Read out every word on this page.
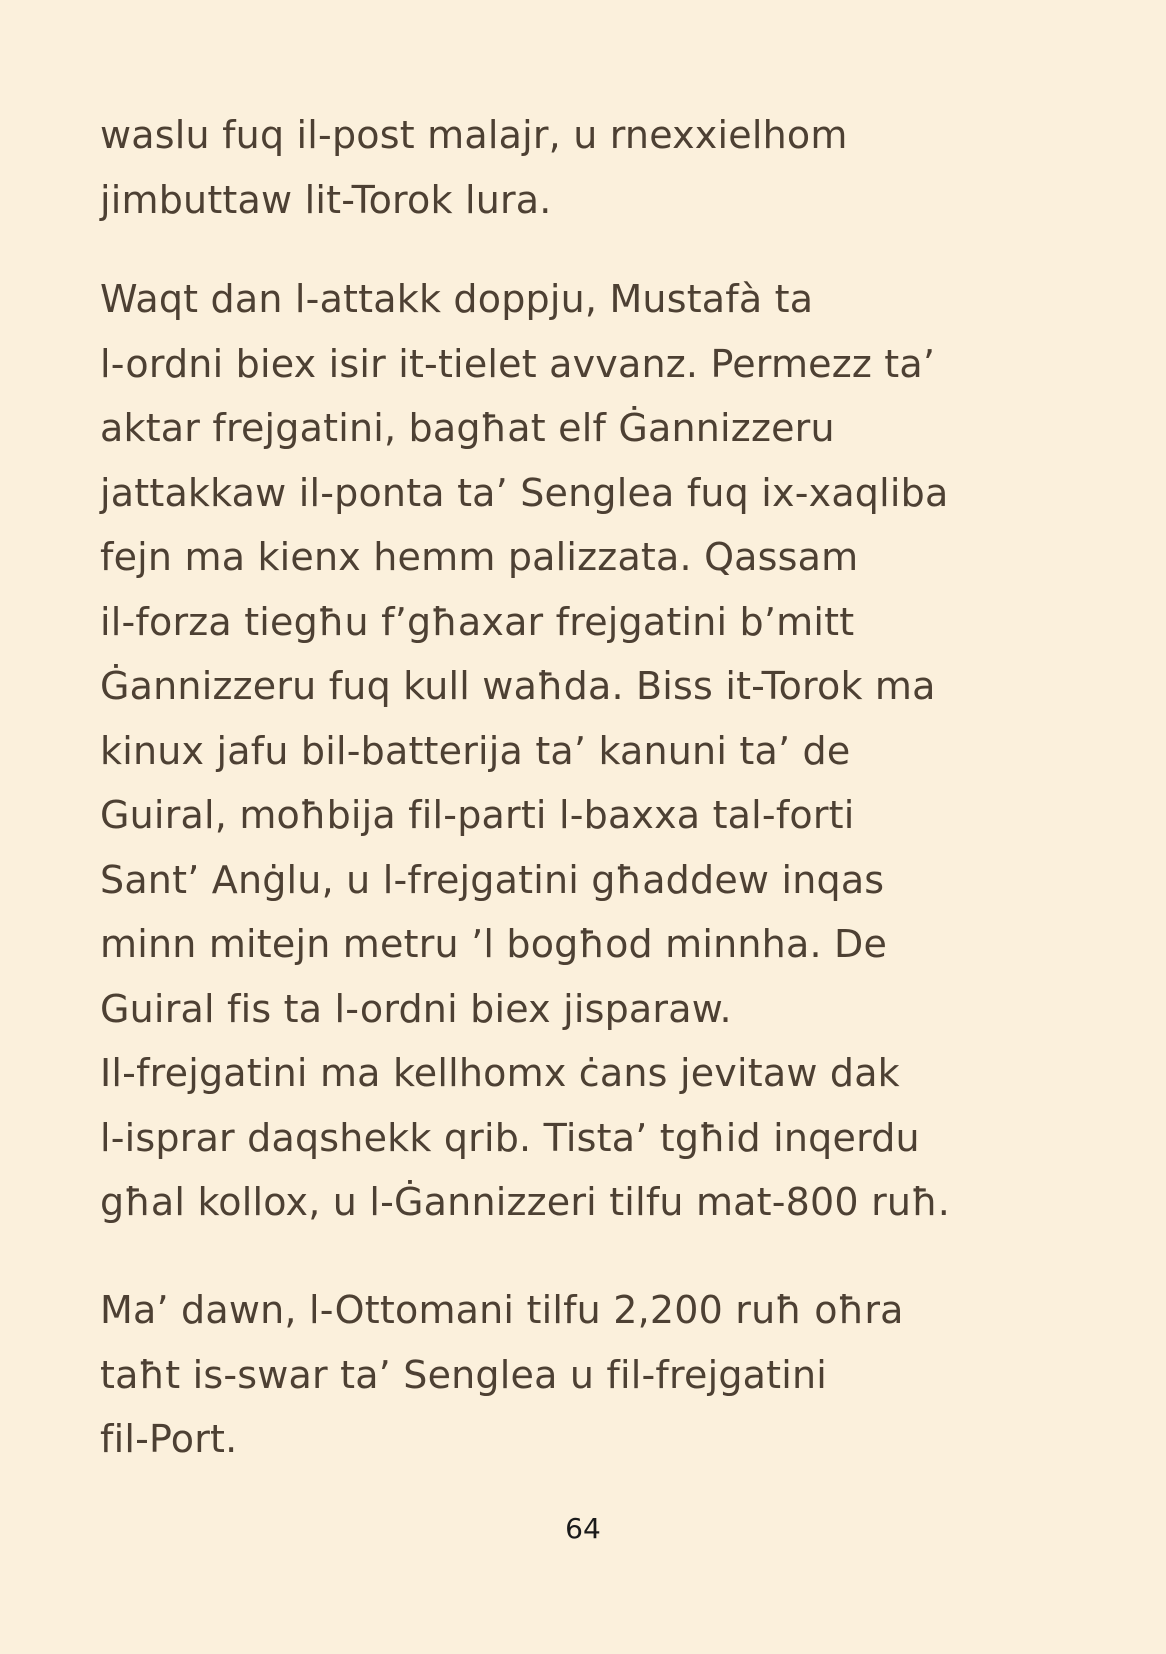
waslu fuq il-post malajr, u rnexxielhom
jimbuttaw lit-Torok lura.
Waqt dan l-attakk doppju, Mustafà ta
l-ordni biex isir it-tielet avvanz. Permezz ta’
aktar frejgatini, bagħat elf Ġannizzeru
jattakkaw il-ponta ta’ Senglea fuq ix-xaqliba
fejn ma kienx hemm palizzata. Qassam
il-forza tiegħu f’għaxar frejgatini b’mitt
Ġannizzeru fuq kull waħda. Biss it-Torok ma
kinux jafu bil-batterija ta’ kanuni ta’ de
Guiral, moħbija fil-parti l-baxxa tal-forti
Sant’ Anġlu, u l-frejgatini għaddew inqas
minn mitejn metru ’l bogħod minnha. De
Guiral fis ta l-ordni biex jisparaw.
Il-frejgatini ma kellhomx ċans jevitaw dak
l-isprar daqshekk qrib. Tista’ tgħid inqerdu
għal kollox, u l-Ġannizzeri tilfu mat-800 ruħ.
Ma’ dawn, l-Ottomani tilfu 2,200 ruħ oħra
taħt is-swar ta’ Senglea u fil-frejgatini
fil-Port.
64
